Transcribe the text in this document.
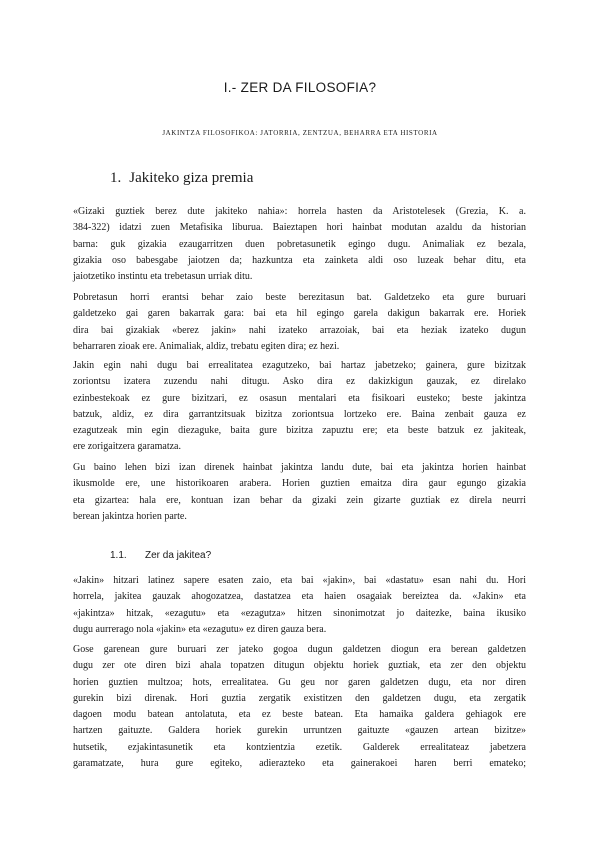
I.- ZER DA FILOSOFIA?
JAKINTZA FILOSOFIKOA: JATORRIA, ZENTZUA, BEHARRA ETA HISTORIA
1. Jakiteko giza premia
«Gizaki guztiek berez dute jakiteko nahia»: horrela hasten da Aristotelesek (Grezia, K. a.
384-322) idatzi zuen Metafisika liburua. Baieztapen hori hainbat modutan azaldu da historian
barna: guk gizakia ezaugarritzen duen pobretasunetik egingo dugu. Animaliak ez bezala,
gizakia oso babesgabe jaiotzen da; hazkuntza eta zainketa aldi oso luzeak behar ditu, eta
jaiotzetiko instintu eta trebetasun urriak ditu.
Pobretasun horri erantsi behar zaio beste berezitasun bat. Galdetzeko eta gure buruari
galdetzeko gai garen bakarrak gara: bai eta hil egingo garela dakigun bakarrak ere. Horiek
dira bai gizakiak «berez jakin» nahi izateko arrazoiak, bai eta heziak izateko dugun
beharraren zioak ere. Animaliak, aldiz, trebatu egiten dira; ez hezi.
Jakin egin nahi dugu bai errealitatea ezagutzeko, bai hartaz jabetzeko; gainera, gure bizitzak
zoriontsu izatera zuzendu nahi ditugu. Asko dira ez dakizkigun gauzak, ez direlako
ezinbestekoak ez gure bizitzari, ez osasun mentalari eta fisikoari eusteko; beste jakintza
batzuk, aldiz, ez dira garrantzitsuak bizitza zoriontsua lortzeko ere. Baina zenbait gauza ez
ezagutzeak min egin diezaguke, baita gure bizitza zapuztu ere; eta beste batzuk ez jakiteak,
ere zorigaitzera garamatza.
Gu baino lehen bizi izan direnek hainbat jakintza landu dute, bai eta jakintza horien hainbat
ikusmolde ere, une historikoaren arabera. Horien guztien emaitza dira gaur egungo gizakia
eta gizartea: hala ere, kontuan izan behar da gizaki zein gizarte guztiak ez direla neurri
berean jakintza horien parte.
1.1. Zer da jakitea?
«Jakin» hitzari latinez sapere esaten zaio, eta bai «jakin», bai «dastatu» esan nahi du. Hori
horrela, jakitea gauzak ahogozatzea, dastatzea eta haien osagaiak bereiztea da. «Jakin» eta
«jakintza» hitzak, «ezagutu» eta «ezagutza» hitzen sinonimotzat jo daitezke, baina ikusiko
dugu aurrerago nola «jakin» eta «ezagutu» ez diren gauza bera.
Gose garenean gure buruari zer jateko gogoa dugun galdetzen diogun era berean galdetzen
dugu zer ote diren bizi ahala topatzen ditugun objektu horiek guztiak, eta zer den objektu
horien guztien multzoa; hots, errealitatea. Gu geu nor garen galdetzen dugu, eta nor diren
gurekin bizi direnak. Hori guztia zergatik existitzen den galdetzen dugu, eta zergatik
dagoen modu batean antolatuta, eta ez beste batean. Eta hamaika galdera gehiagok ere
hartzen gaituzte. Galdera horiek gurekin urruntzen gaituzte «gauzen artean bizitze»
hutsetik, ezjakintasunetik eta kontzientzia ezetik. Galderek errealitateaz jabetzera
garamatzate, hura gure egiteko, adierazteko eta gainerakoei haren berri emateko;
